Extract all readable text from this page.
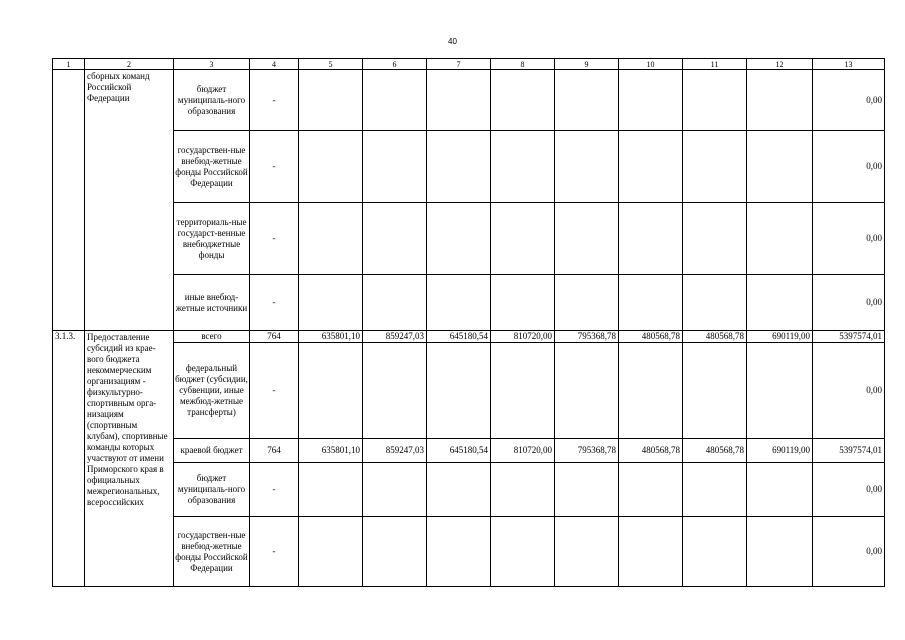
40
1	2	3	4	5	6	7	8	9	10	11	12	13
	сборных команд Российской Федерации	бюджет муниципаль-ного образования	-									0,00
		государствен-ные внебюд-жетные фонды Российской Федерации	-									0,00
		территориаль-ные государст-венные внебюджетные фонды	-									0,00
		иные внебюд-жетные источники	-									0,00
3.1.3.	Предоставление субсидий из крае-вого бюджета некоммерческим организациям - физкультурно-спортивным орга-низациям (спортивным клубам), спортивные команды которых участвуют от имени Приморского края в официальных межрегиональных, всероссийских	всего	764	635801,10	859247,03	645180,54	810720,00	795368,78	480568,78	480568,78	690119,00	5397574,01
		федеральный бюджет (субсидии, субвенции, иные межбюд-жетные трансферты)	-									0,00
		краевой бюджет	764	635801,10	859247,03	645180,54	810720,00	795368,78	480568,78	480568,78	690119,00	5397574,01
		бюджет муниципаль-ного образования	-									0,00
		государствен-ные внебюд-жетные фонды Российской Федерации	-									0,00
